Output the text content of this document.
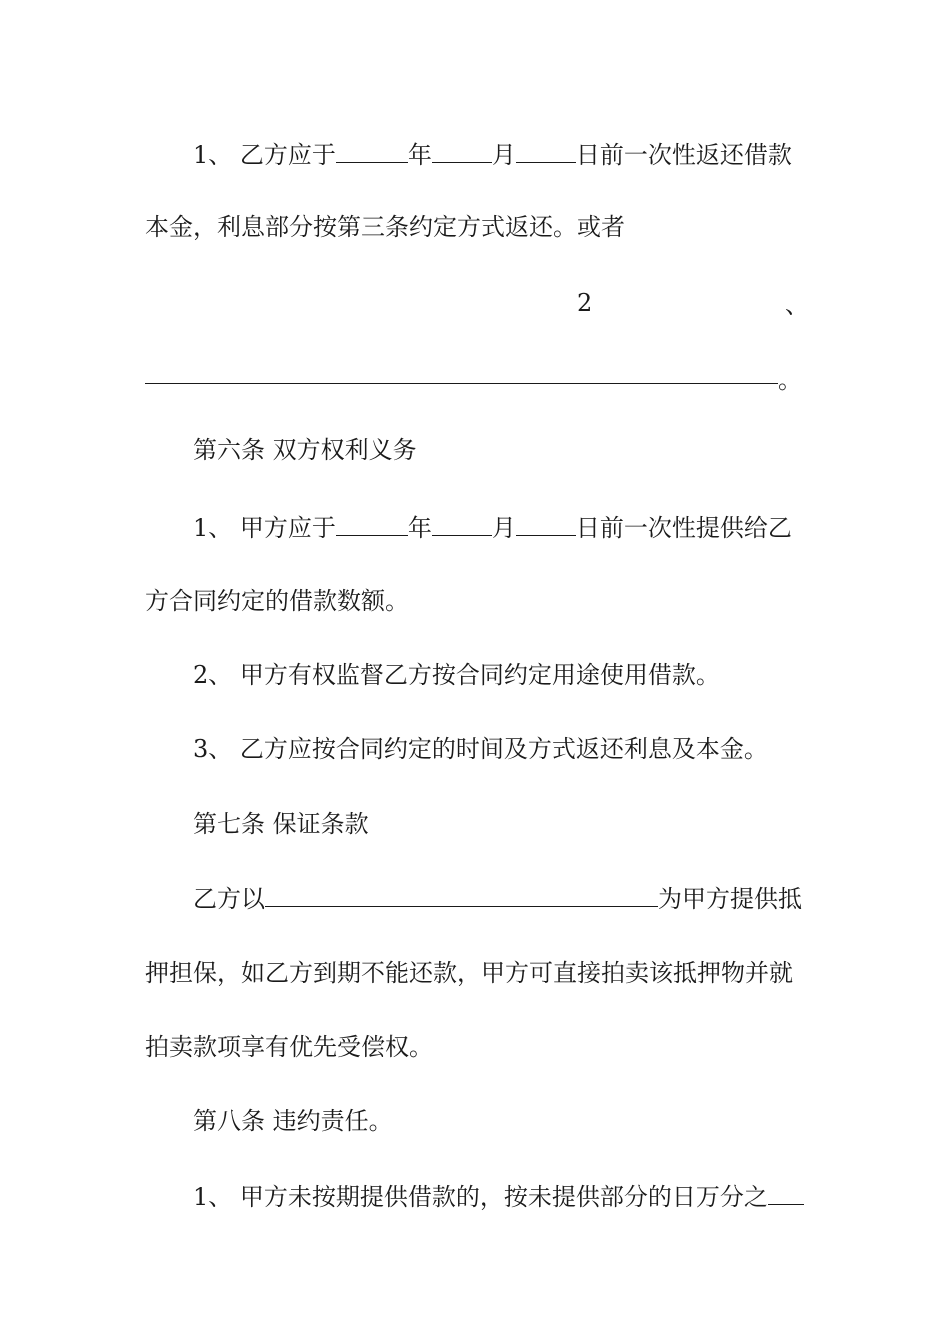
1、 乙方应于	年	月	日前一次性返还借款
本金，利息部分按第三条约定方式返还。或者
2	、
。
第六条 双方权利义务
1、 甲方应于	年	月	日前一次性提供给乙
方合同约定的借款数额。
2、 甲方有权监督乙方按合同约定用途使用借款。
3、 乙方应按合同约定的时间及方式返还利息及本金。
第七条 保证条款
乙方以	为甲方提供抵
押担保，如乙方到期不能还款，甲方可直接拍卖该抵押物并就
拍卖款项享有优先受偿权。
第八条 违约责任。
1、 甲方未按期提供借款的，按未提供部分的日万分之
